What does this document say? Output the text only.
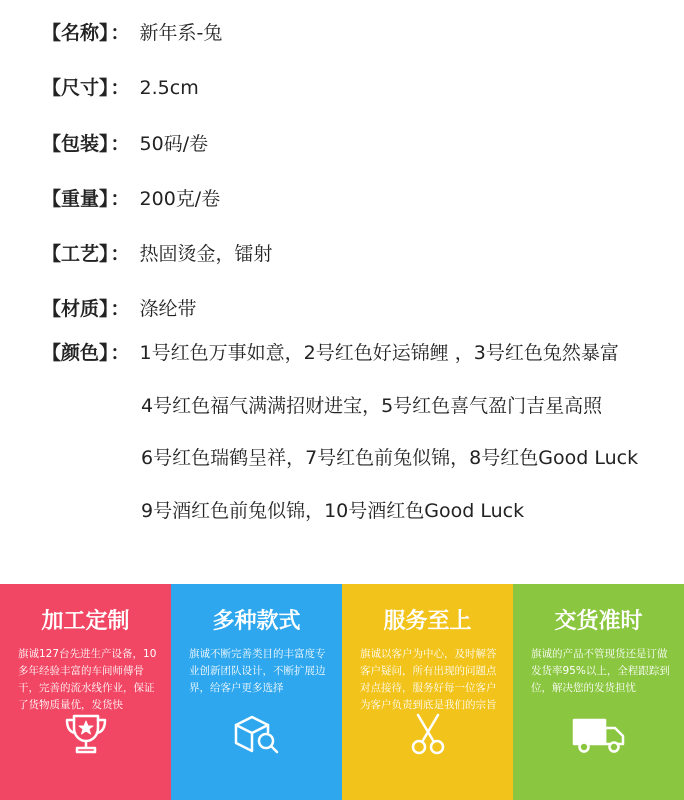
【名称】 ： 新年系-兔
【尺寸】 ： 2.5cm
【包装】 ： 50码/卷
【重量】 ： 200克/卷
【工艺】 ： 热固烫金，镭射
【材质】 ： 涤纶带
【颜色】 ： 1号红色万事如意，2号红色好运锦鲤 ，3号红色兔然暴富
4号红色福气满满招财进宝，5号红色喜气盈门吉星高照
6号红色瑞鹤呈祥，7号红色前兔似锦，8号红色Good Luck
9号酒红色前兔似锦，10号酒红色Good Luck
加工定制
旗诚127台先进生产设备，10多年经验丰富的车间师傅骨干，完善的流水线作业，保证了货物质量优，发货快
多种款式
旗诚不断完善类目的丰富度专业创新团队设计，不断扩展边界，给客户更多选择
服务至上
旗诚以客户为中心，及时解答客户疑问，所有出现的问题点对点接待，服务好每一位客户为客户负责到底是我们的宗旨
交货准时
旗诚的产品不管现货还是订做发货率95%以上，全程跟踪到位，解决您的发货担忧
